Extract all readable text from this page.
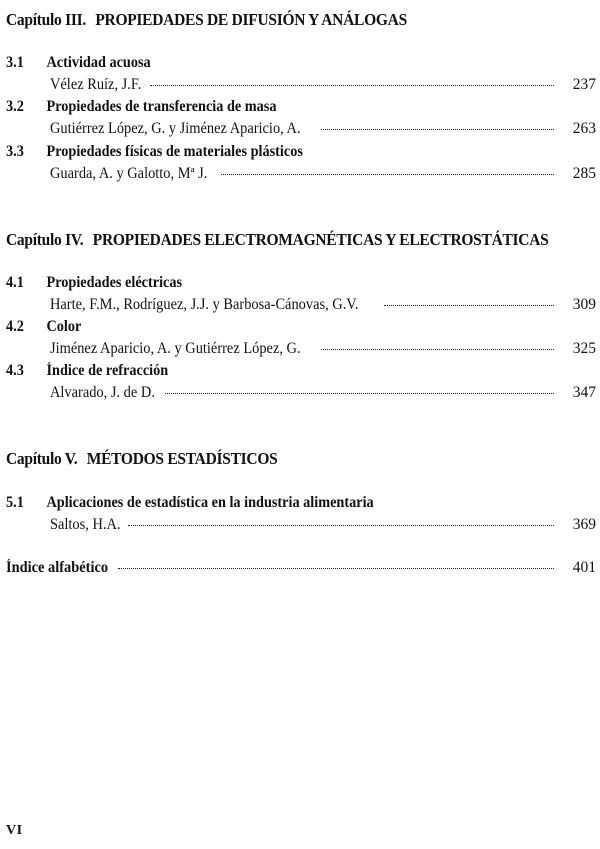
Capítulo III. PROPIEDADES DE DIFUSIÓN Y ANÁLOGAS
3.1 Actividad acuosa
Vélez Ruíz, J.F.	237
3.2 Propiedades de transferencia de masa
Gutiérrez López, G. y Jiménez Aparicio, A.	263
3.3 Propiedades físicas de materiales plásticos
Guarda, A. y Galotto, Mª J.	285
Capítulo IV. PROPIEDADES ELECTROMAGNÉTICAS Y ELECTROSTÁTICAS
4.1 Propiedades eléctricas
Harte, F.M., Rodríguez, J.J. y Barbosa-Cánovas, G.V.	309
4.2 Color
Jiménez Aparicio, A. y Gutiérrez López, G.	325
4.3 Índice de refracción
Alvarado, J. de D.	347
Capítulo V. MÉTODOS ESTADÍSTICOS
5.1 Aplicaciones de estadística en la industria alimentaria
Saltos, H.A.	369
Índice alfabético	401
VI
